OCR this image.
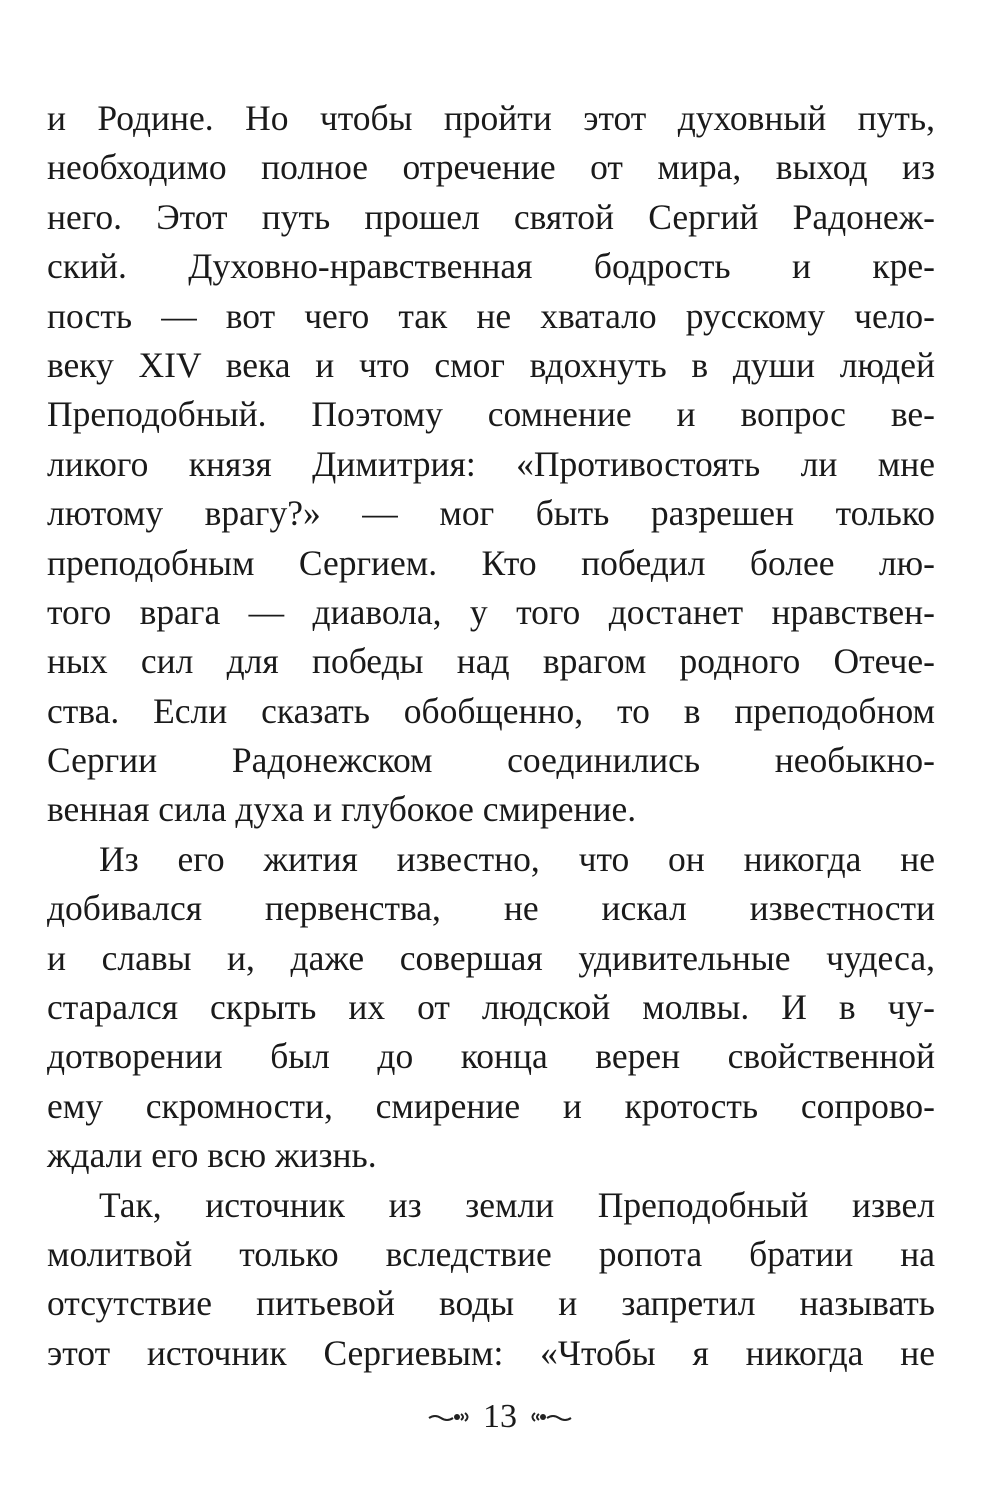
и Родине. Но чтобы пройти этот духовный путь,
необходимо полное отречение от мира, выход из
него. Этот путь прошел святой Сергий Радонеж-
ский. Духовно-нравственная бодрость и кре-
пость — вот чего так не хватало русскому чело-
веку XIV века и что смог вдохнуть в души людей
Преподобный. Поэтому сомнение и вопрос ве-
ликого князя Димитрия: «Противостоять ли мне
лютому врагу?» — мог быть разрешен только
преподобным Сергием. Кто победил более лю-
того врага — диавола, у того достанет нравствен-
ных сил для победы над врагом родного Отече-
ства. Если сказать обобщенно, то в преподобном
Сергии Радонежском соединились необыкно-
венная сила духа и глубокое смирение.
Из его жития известно, что он никогда не
добивался первенства, не искал известности
и славы и, даже совершая удивительные чудеса,
старался скрыть их от людской молвы. И в чу-
дотворении был до конца верен свойственной
ему скромности, смирение и кротость сопрово-
ждали его всю жизнь.
Так, источник из земли Преподобный извел
молитвой только вследствие ропота братии на
отсутствие питьевой воды и запретил называть
этот источник Сергиевым: «Чтобы я никогда не
13
